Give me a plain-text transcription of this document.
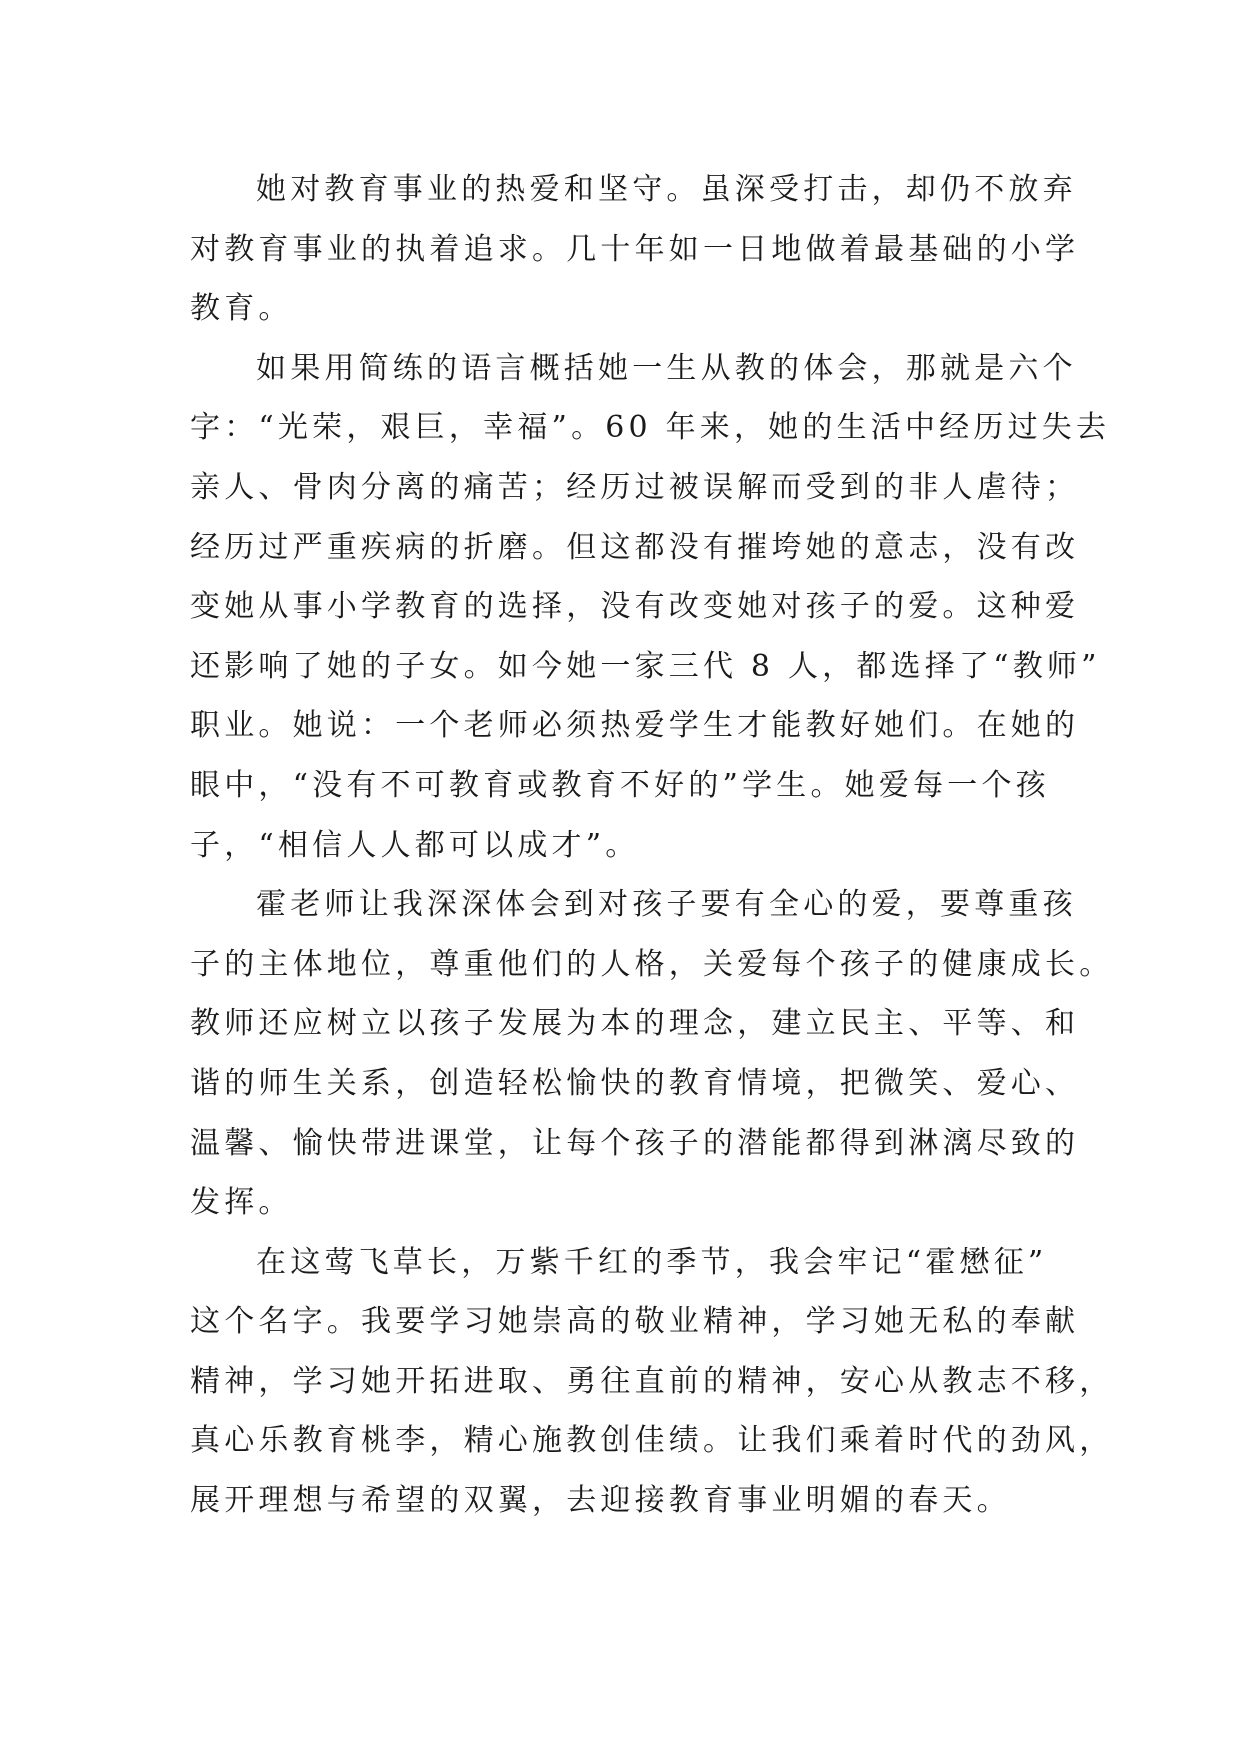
她对教育事业的热爱和坚守。虽深受打击，却仍不放弃
对教育事业的执着追求。几十年如一日地做着最基础的小学
教育。
如果用简练的语言概括她一生从教的体会，那就是六个
字：“光荣，艰巨，幸福”。60 年来，她的生活中经历过失去
亲人、骨肉分离的痛苦；经历过被误解而受到的非人虐待；
经历过严重疾病的折磨。但这都没有摧垮她的意志，没有改
变她从事小学教育的选择，没有改变她对孩子的爱。这种爱
还影响了她的子女。如今她一家三代 8 人，都选择了“教师”
职业。她说：一个老师必须热爱学生才能教好她们。在她的
眼中，“没有不可教育或教育不好的”学生。她爱每一个孩
子，“相信人人都可以成才”。
霍老师让我深深体会到对孩子要有全心的爱，要尊重孩
子的主体地位，尊重他们的人格，关爱每个孩子的健康成长。
教师还应树立以孩子发展为本的理念，建立民主、平等、和
谐的师生关系，创造轻松愉快的教育情境，把微笑、爱心、
温馨、愉快带进课堂，让每个孩子的潜能都得到淋漓尽致的
发挥。
在这莺飞草长，万紫千红的季节，我会牢记“霍懋征”
这个名字。我要学习她崇高的敬业精神，学习她无私的奉献
精神，学习她开拓进取、勇往直前的精神，安心从教志不移，
真心乐教育桃李，精心施教创佳绩。让我们乘着时代的劲风，
展开理想与希望的双翼，去迎接教育事业明媚的春天。
